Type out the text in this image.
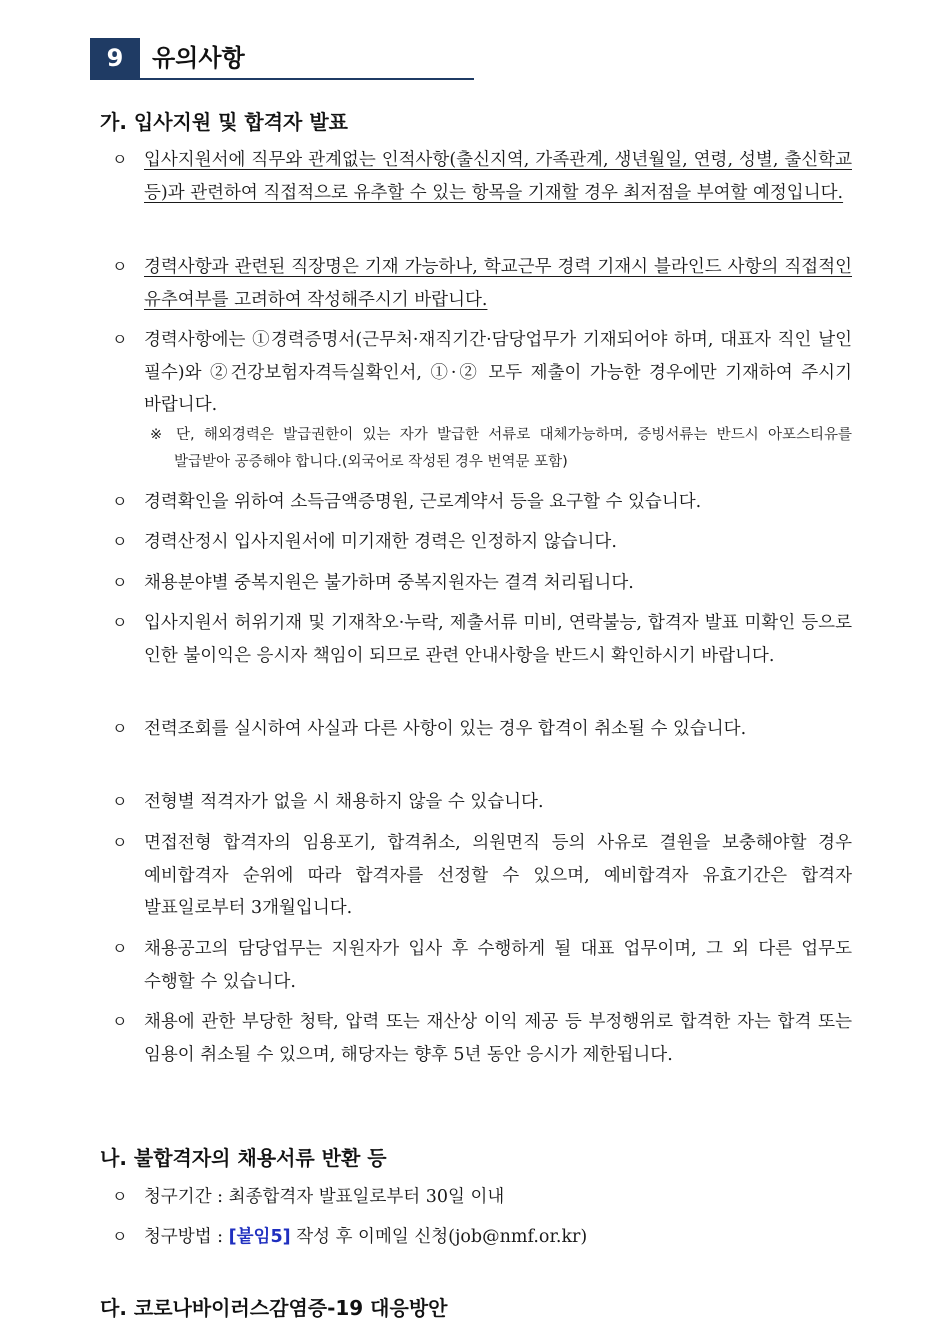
9	유의사항
가. 입사지원 및 합격자 발표
ㅇ 입사지원서에 직무와 관계없는 인적사항(출신지역, 가족관계, 생년월일, 연령, 성별, 출신학교 등)과 관련하여 직접적으로 유추할 수 있는 항목을 기재할 경우 최저점을 부여할 예정입니다.
ㅇ 경력사항과 관련된 직장명은 기재 가능하나, 학교근무 경력 기재시 블라인드 사항의 직접적인 유추여부를 고려하여 작성해주시기 바랍니다.
ㅇ 경력사항에는 ①경력증명서(근무처·재직기간·담당업무가 기재되어야 하며, 대표자 직인 날인 필수)와 ②건강보험자격득실확인서, ①·② 모두 제출이 가능한 경우에만 기재하여 주시기 바랍니다.
※ 단, 해외경력은 발급권한이 있는 자가 발급한 서류로 대체가능하며, 증빙서류는 반드시 아포스티유를 발급받아 공증해야 합니다.(외국어로 작성된 경우 번역문 포함)
ㅇ 경력확인을 위하여 소득금액증명원, 근로계약서 등을 요구할 수 있습니다.
ㅇ 경력산정시 입사지원서에 미기재한 경력은 인정하지 않습니다.
ㅇ 채용분야별 중복지원은 불가하며 중복지원자는 결격 처리됩니다.
ㅇ 입사지원서 허위기재 및 기재착오·누락, 제출서류 미비, 연락불능, 합격자 발표 미확인 등으로 인한 불이익은 응시자 책임이 되므로 관련 안내사항을 반드시 확인하시기 바랍니다.
ㅇ 전력조회를 실시하여 사실과 다른 사항이 있는 경우 합격이 취소될 수 있습니다.
ㅇ 전형별 적격자가 없을 시 채용하지 않을 수 있습니다.
ㅇ 면접전형 합격자의 임용포기, 합격취소, 의원면직 등의 사유로 결원을 보충해야할 경우 예비합격자 순위에 따라 합격자를 선정할 수 있으며, 예비합격자 유효기간은 합격자 발표일로부터 3개월입니다.
ㅇ 채용공고의 담당업무는 지원자가 입사 후 수행하게 될 대표 업무이며, 그 외 다른 업무도 수행할 수 있습니다.
ㅇ 채용에 관한 부당한 청탁, 압력 또는 재산상 이익 제공 등 부정행위로 합격한 자는 합격 또는 임용이 취소될 수 있으며, 해당자는 향후 5년 동안 응시가 제한됩니다.
나. 불합격자의 채용서류 반환 등
ㅇ 청구기간 : 최종합격자 발표일로부터 30일 이내
ㅇ 청구방법 : [붙임5] 작성 후 이메일 신청(job@nmf.or.kr)
다. 코로나바이러스감염증-19 대응방안
